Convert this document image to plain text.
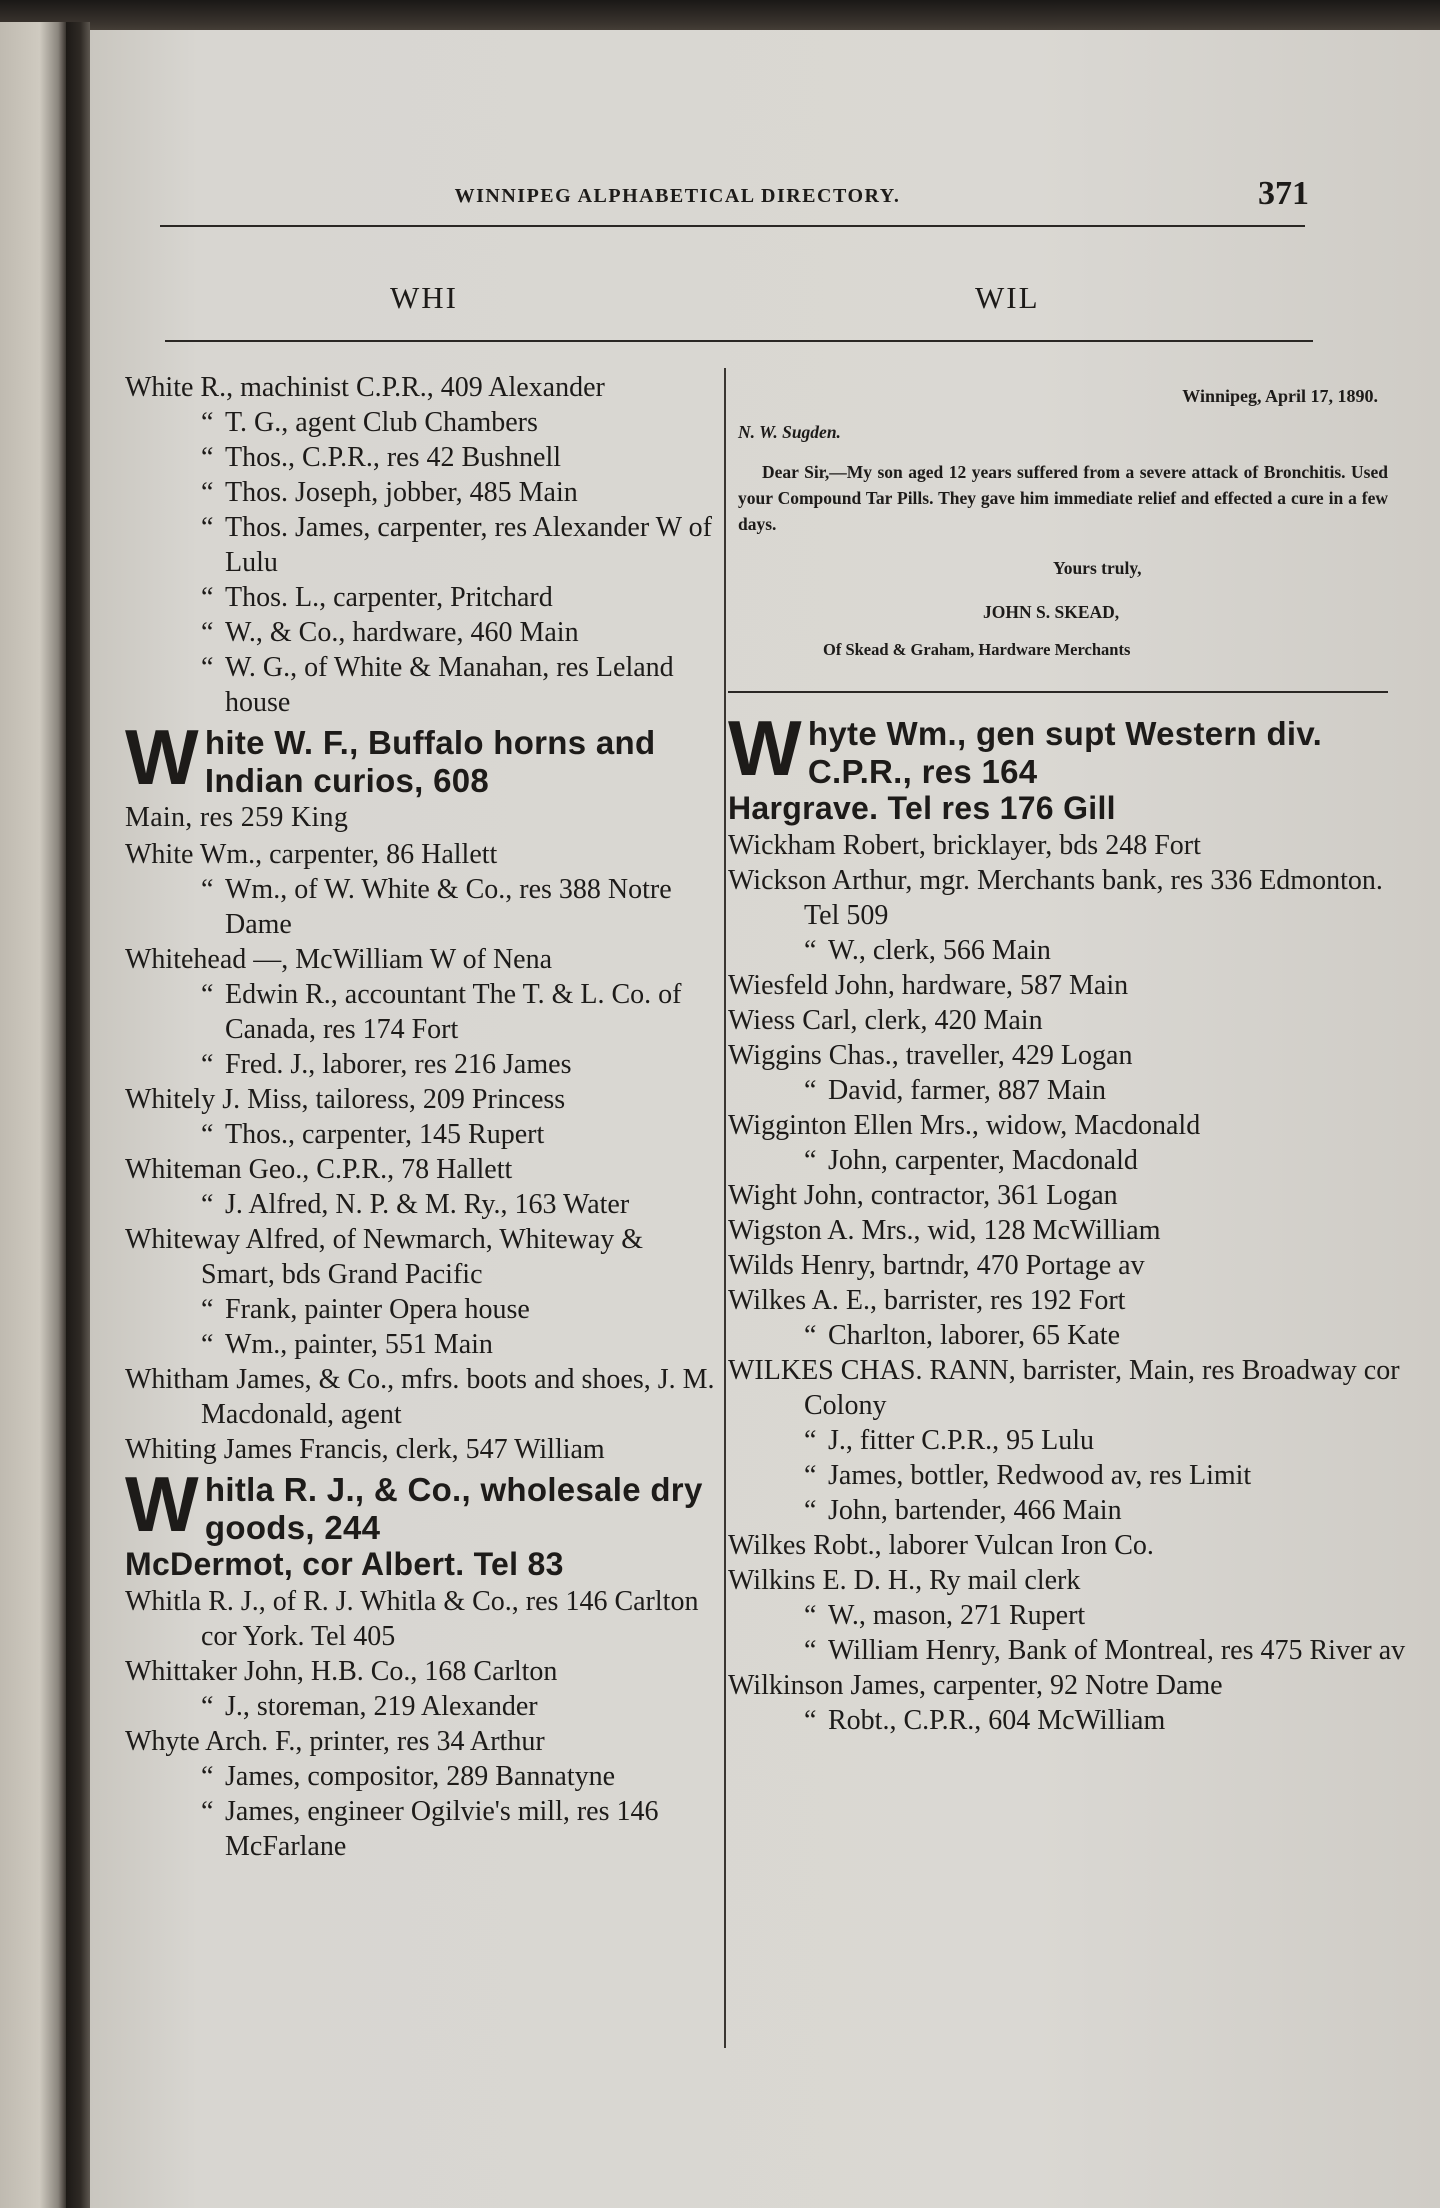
WINNIPEG ALPHABETICAL DIRECTORY.	371
WHI	WIL

White R., machinist C.P.R., 409 Alexander

“ T. G., agent Club Chambers

“ Thos., C.P.R., res 42 Bushnell

“ Thos. Joseph, jobber, 485 Main

“ Thos. James, carpenter, res Alexander W of Lulu

“ Thos. L., carpenter, Pritchard

“ W., & Co., hardware, 460 Main

“ W. G., of White & Manahan, res Leland house

White W. F., Buffalo horns and Indian curios, 608
Main, res 259 King

White Wm., carpenter, 86 Hallett

“ Wm., of W. White & Co., res 388 Notre Dame

Whitehead —, McWilliam W of Nena

“ Edwin R., accountant The T. & L. Co. of Canada, res 174 Fort

“ Fred. J., laborer, res 216 James

Whitely J. Miss, tailoress, 209 Princess

“ Thos., carpenter, 145 Rupert

Whiteman Geo., C.P.R., 78 Hallett

“ J. Alfred, N. P. & M. Ry., 163 Water

Whiteway Alfred, of Newmarch, Whiteway & Smart, bds Grand Pacific

“ Frank, painter Opera house

“ Wm., painter, 551 Main

Whitham James, & Co., mfrs. boots and shoes, J. M. Macdonald, agent

Whiting James Francis, clerk, 547 William

Whitla R. J., & Co., wholesale dry goods, 244
McDermot, cor Albert. Tel 83

Whitla R. J., of R. J. Whitla & Co., res 146 Carlton cor York. Tel 405

Whittaker John, H.B. Co., 168 Carlton

“ J., storeman, 219 Alexander

Whyte Arch. F., printer, res 34 Arthur

“ James, compositor, 289 Bannatyne

“ James, engineer Ogilvie's mill, res 146 McFarlane

Winnipeg, April 17, 1890.
N. W. Sugden.
Dear Sir,—My son aged 12 years suffered from a severe attack of Bronchitis. Used your Compound Tar Pills. They gave him immediate relief and effected a cure in a few days.
Yours truly,
JOHN S. SKEAD,
Of Skead & Graham, Hardware Merchants
Whyte Wm., gen supt Western div. C.P.R., res 164
Hargrave. Tel res 176 Gill

Wickham Robert, bricklayer, bds 248 Fort

Wickson Arthur, mgr. Merchants bank, res 336 Edmonton. Tel 509

“ W., clerk, 566 Main

Wiesfeld John, hardware, 587 Main

Wiess Carl, clerk, 420 Main

Wiggins Chas., traveller, 429 Logan

“ David, farmer, 887 Main

Wigginton Ellen Mrs., widow, Macdonald

“ John, carpenter, Macdonald

Wight John, contractor, 361 Logan

Wigston A. Mrs., wid, 128 McWilliam

Wilds Henry, bartndr, 470 Portage av

Wilkes A. E., barrister, res 192 Fort

“ Charlton, laborer, 65 Kate

WILKES CHAS. RANN, barrister, Main, res Broadway cor Colony

“ J., fitter C.P.R., 95 Lulu

“ James, bottler, Redwood av, res Limit

“ John, bartender, 466 Main

Wilkes Robt., laborer Vulcan Iron Co.

Wilkins E. D. H., Ry mail clerk

“ W., mason, 271 Rupert

“ William Henry, Bank of Montreal, res 475 River av

Wilkinson James, carpenter, 92 Notre Dame

“ Robt., C.P.R., 604 McWilliam
